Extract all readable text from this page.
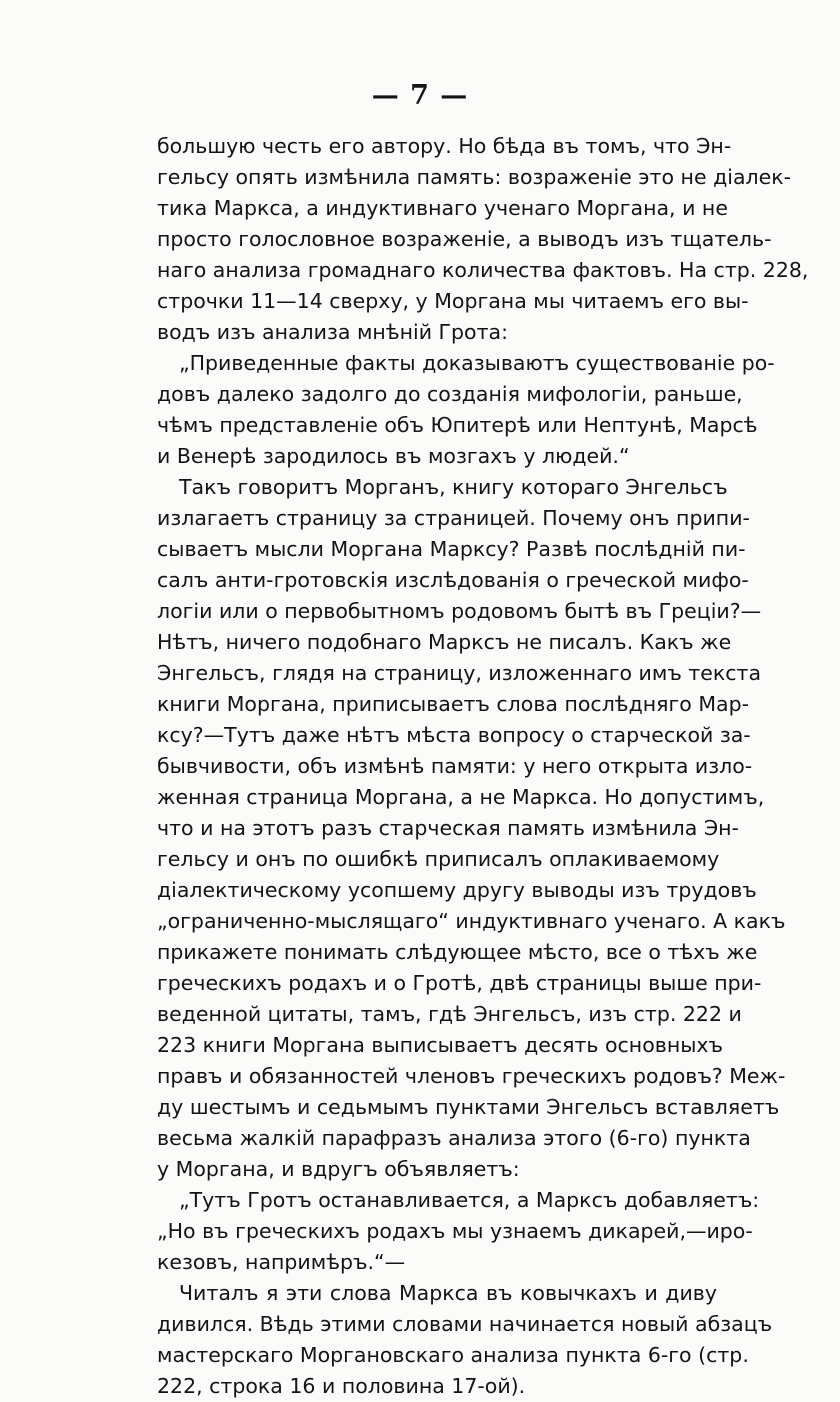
— 7 —
большую честь его автору. Но бѣда въ томъ, что Эн-
гельсу опять измѣнила память: возраженіе это не діалек-
тика Маркса, а индуктивнаго ученаго Моргана, и не
просто голословное возраженіе, а выводъ изъ тщатель-
наго анализа громаднаго количества фактовъ. На стр. 228,
строчки 11—14 сверху, у Моргана мы читаемъ его вы-
водъ изъ анализа мнѣній Грота:
„Приведенные факты доказываютъ существованіе ро-
довъ далеко задолго до созданія мифологіи, раньше,
чѣмъ представленіе объ Юпитерѣ или Нептунѣ, Марсѣ
и Венерѣ зародилось въ мозгахъ у людей.“
Такъ говоритъ Морганъ, книгу котораго Энгельсъ
излагаетъ страницу за страницей. Почему онъ припи-
сываетъ мысли Моргана Марксу? Развѣ послѣдній пи-
салъ анти-гротовскія изслѣдованія о греческой мифо-
логіи или о первобытномъ родовомъ бытѣ въ Греціи?—
Нѣтъ, ничего подобнаго Марксъ не писалъ. Какъ же
Энгельсъ, глядя на страницу, изложеннаго имъ текста
книги Моргана, приписываетъ слова послѣдняго Мар-
ксу?—Тутъ даже нѣтъ мѣста вопросу о старческой за-
бывчивости, объ измѣнѣ памяти: у него открыта изло-
женная страница Моргана, а не Маркса. Но допустимъ,
что и на этотъ разъ старческая память измѣнила Эн-
гельсу и онъ по ошибкѣ приписалъ оплакиваемому
діалектическому усопшему другу выводы изъ трудовъ
„ограниченно-мыслящаго“ индуктивнаго ученаго. А какъ
прикажете понимать слѣдующее мѣсто, все о тѣхъ же
греческихъ родахъ и о Гротѣ, двѣ страницы выше при-
веденной цитаты, тамъ, гдѣ Энгельсъ, изъ стр. 222 и
223 книги Моргана выписываетъ десять основныхъ
правъ и обязанностей членовъ греческихъ родовъ? Меж-
ду шестымъ и седьмымъ пунктами Энгельсъ вставляетъ
весьма жалкій парафразъ анализа этого (6-го) пункта
у Моргана, и вдругъ объявляетъ:
„Тутъ Гротъ останавливается, а Марксъ добавляетъ:
„Но въ греческихъ родахъ мы узнаемъ дикарей,—иро-
кезовъ, напримѣръ.“—
Читалъ я эти слова Маркса въ ковычкахъ и диву
дивился. Вѣдь этими словами начинается новый абзацъ
мастерскаго Моргановскаго анализа пункта 6-го (стр.
222, строка 16 и половина 17-ой).
